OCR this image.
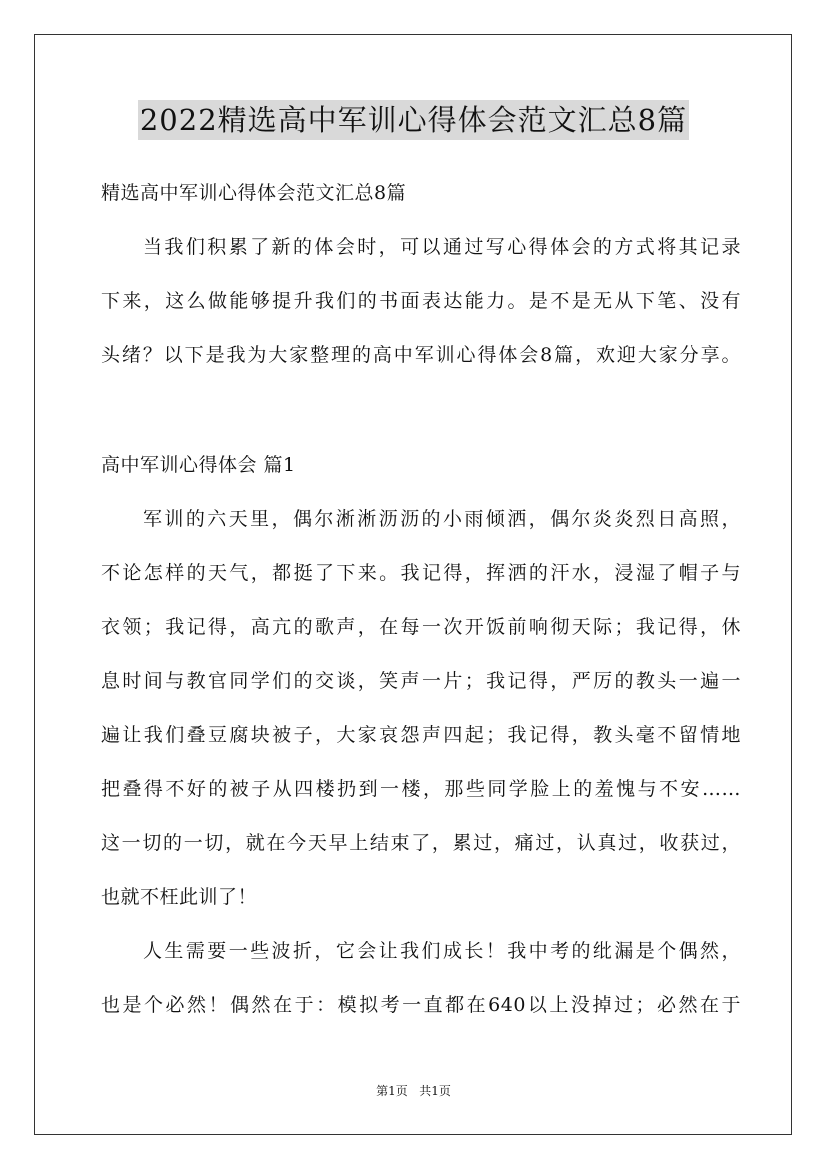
2022精选高中军训心得体会范文汇总8篇
精选高中军训心得体会范文汇总8篇
当我们积累了新的体会时，可以通过写心得体会的方式将其记录
下来，这么做能够提升我们的书面表达能力。是不是无从下笔、没有
头绪？以下是我为大家整理的高中军训心得体会8篇，欢迎大家分享。
高中军训心得体会 篇1
军训的六天里，偶尔淅淅沥沥的小雨倾洒，偶尔炎炎烈日高照，
不论怎样的天气，都挺了下来。我记得，挥洒的汗水，浸湿了帽子与
衣领；我记得，高亢的歌声，在每一次开饭前响彻天际；我记得，休
息时间与教官同学们的交谈，笑声一片；我记得，严厉的教头一遍一
遍让我们叠豆腐块被子，大家哀怨声四起；我记得，教头毫不留情地
把叠得不好的被子从四楼扔到一楼，那些同学脸上的羞愧与不安……
这一切的一切，就在今天早上结束了，累过，痛过，认真过，收获过，
也就不枉此训了！
人生需要一些波折，它会让我们成长！我中考的纰漏是个偶然，
也是个必然！偶然在于：模拟考一直都在640以上没掉过；必然在于
第1页 共1页
